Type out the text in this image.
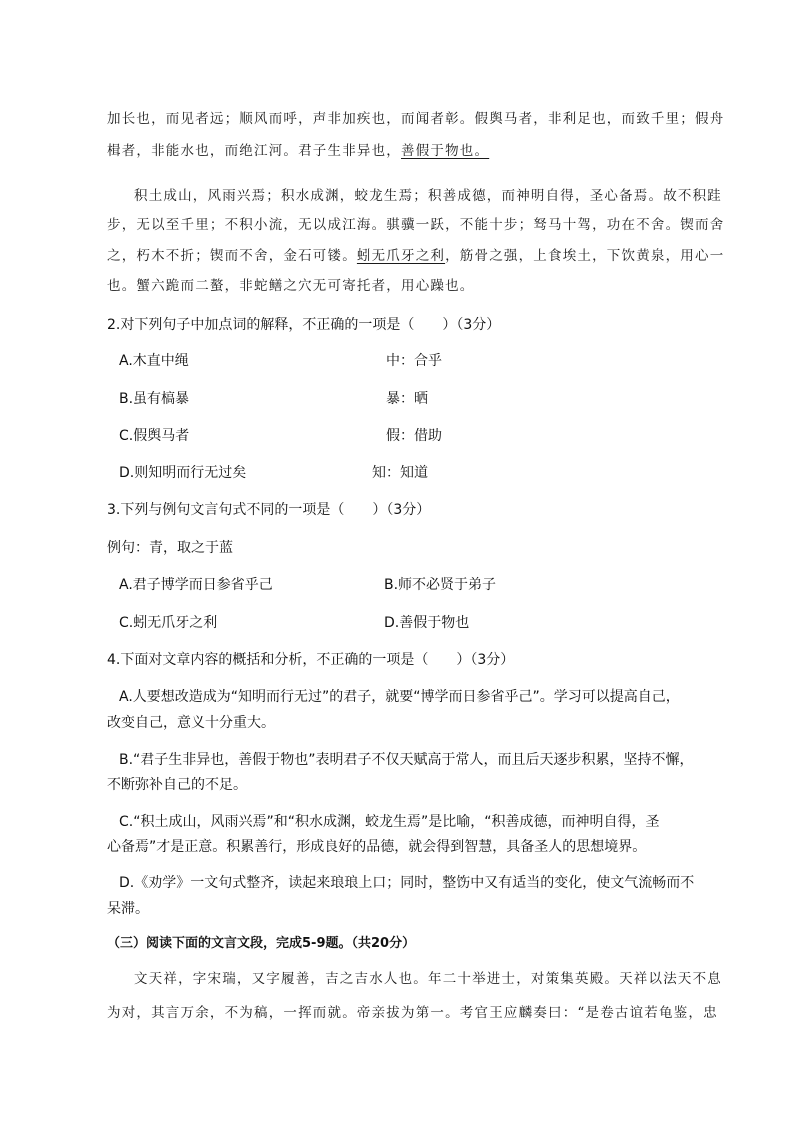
加长也，而见者远；顺风而呼，声非加疾也，而闻者彰。假舆马者，非利足也，而致千里；假舟
楫者，非能水也，而绝江河。君子生非异也，善假于物也。
积土成山，风雨兴焉；积水成渊，蛟龙生焉；积善成德，而神明自得，圣心备焉。故不积跬
步，无以至千里；不积小流，无以成江海。骐骥一跃，不能十步；驽马十驾，功在不舍。锲而舍
之，朽木不折；锲而不舍，金石可镂。蚓无爪牙之利，筋骨之强，上食埃土，下饮黄泉，用心一
也。蟹六跪而二螯，非蛇鳝之穴无可寄托者，用心躁也。
2.对下列句子中加点词的解释，不正确的一项是（　　）（3分）
A.木直中绳	中：合乎
B.虽有槁暴	暴：晒
C.假舆马者	假：借助
D.则知明而行无过矣	知：知道
3.下列与例句文言句式不同的一项是（　　）（3分）
例句：青，取之于蓝
A.君子博学而日参省乎己	B.师不必贤于弟子
C.蚓无爪牙之利	D.善假于物也
4.下面对文章内容的概括和分析，不正确的一项是（　　）（3分）
A.人要想改造成为“知明而行无过”的君子，就要“博学而日参省乎己”。学习可以提高自己，
改变自己，意义十分重大。
B.“君子生非异也，善假于物也”表明君子不仅天赋高于常人，而且后天逐步积累，坚持不懈，
不断弥补自己的不足。
C.“积土成山，风雨兴焉”和“积水成渊，蛟龙生焉”是比喻，“积善成德，而神明自得，圣
心备焉”才是正意。积累善行，形成良好的品德，就会得到智慧，具备圣人的思想境界。
D.《劝学》一文句式整齐，读起来琅琅上口；同时，整饬中又有适当的变化，使文气流畅而不
呆滞。
（三）阅读下面的文言文段，完成5-9题。（共20分）
文天祥，字宋瑞，又字履善，吉之吉水人也。年二十举进士，对策集英殿。天祥以法天不息
为对，其言万余，不为稿，一挥而就。帝亲拔为第一。考官王应麟奏曰：“是卷古谊若龟鉴，忠
